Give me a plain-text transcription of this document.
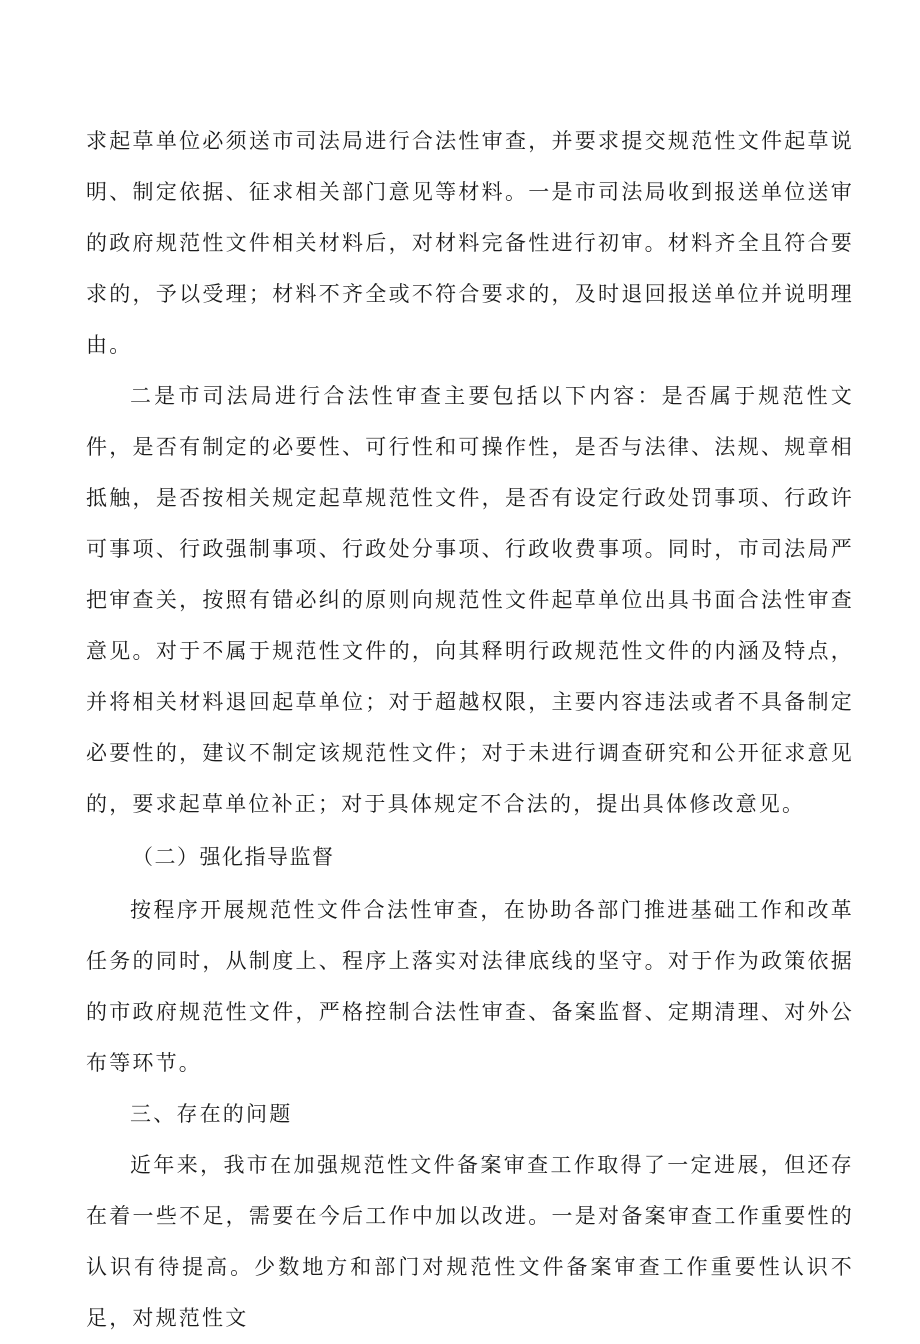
求起草单位必须送市司法局进行合法性审查，并要求提交规范性文件起草说明、制定依据、征求相关部门意见等材料。一是市司法局收到报送单位送审的政府规范性文件相关材料后，对材料完备性进行初审。材料齐全且符合要求的，予以受理；材料不齐全或不符合要求的，及时退回报送单位并说明理由。

二是市司法局进行合法性审查主要包括以下内容：是否属于规范性文件，是否有制定的必要性、可行性和可操作性，是否与法律、法规、规章相抵触，是否按相关规定起草规范性文件，是否有设定行政处罚事项、行政许可事项、行政强制事项、行政处分事项、行政收费事项。同时，市司法局严把审查关，按照有错必纠的原则向规范性文件起草单位出具书面合法性审查意见。对于不属于规范性文件的，向其释明行政规范性文件的内涵及特点，并将相关材料退回起草单位；对于超越权限，主要内容违法或者不具备制定必要性的，建议不制定该规范性文件；对于未进行调查研究和公开征求意见的，要求起草单位补正；对于具体规定不合法的，提出具体修改意见。

（二）强化指导监督

按程序开展规范性文件合法性审查，在协助各部门推进基础工作和改革任务的同时，从制度上、程序上落实对法律底线的坚守。对于作为政策依据的市政府规范性文件，严格控制合法性审查、备案监督、定期清理、对外公布等环节。

三、存在的问题

近年来，我市在加强规范性文件备案审查工作取得了一定进展，但还存在着一些不足，需要在今后工作中加以改进。一是对备案审查工作重要性的认识有待提高。少数地方和部门对规范性文件备案审查工作重要性认识不足，对规范性文
